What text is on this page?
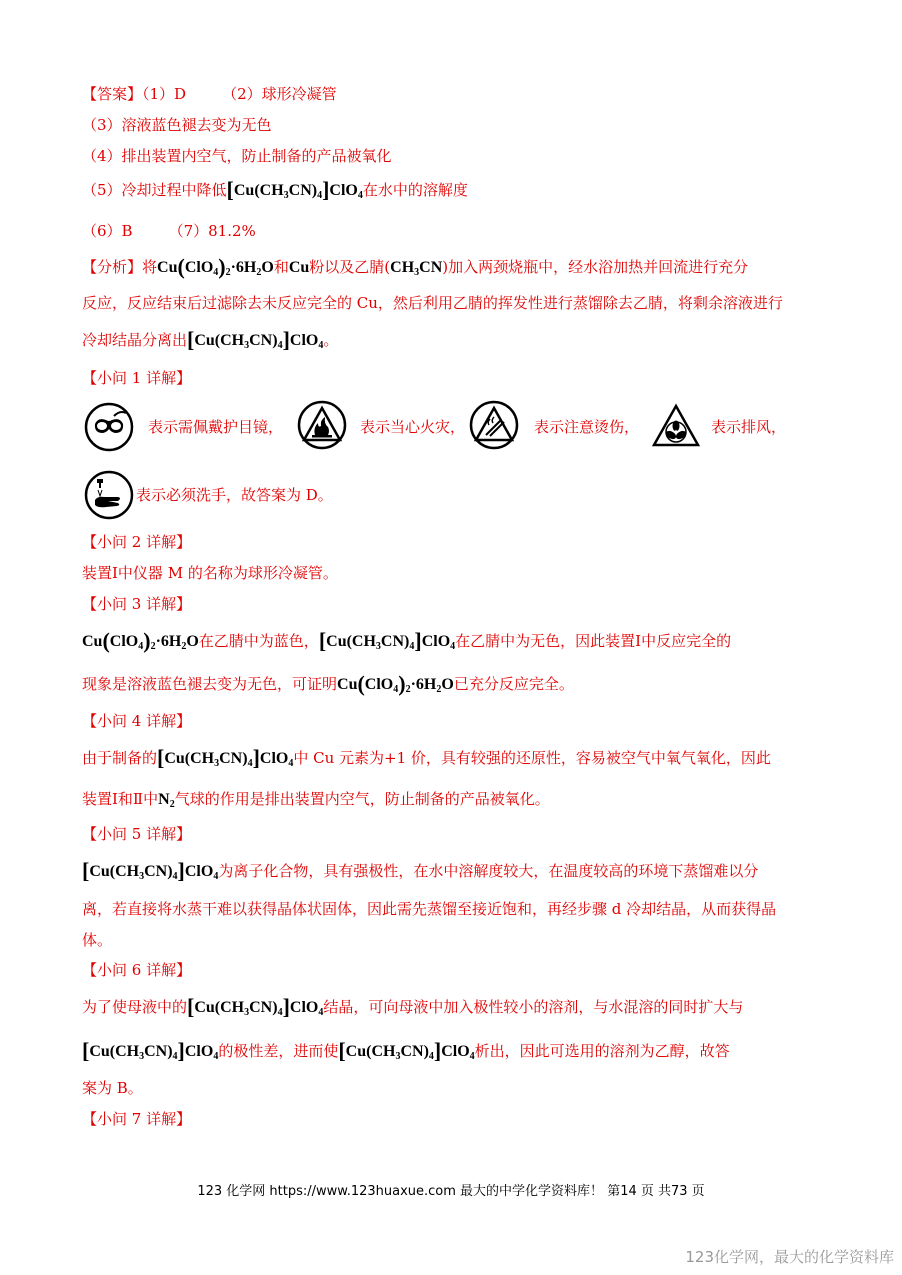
【答案】（1）D （2）球形冷凝管
（3）溶液蓝色褪去变为无色
（4）排出装置内空气，防止制备的产品被氧化
（5）冷却过程中降低$[Cu(CH_3CN)_4]ClO_4$在水中的溶解度
（6）B （7）81.2%
【分析】将$Cu(ClO_4)_2\cdot 6H_2O$和Cu粉以及乙腈$(CH_3CN)$加入两颈烧瓶中，经水浴加热并回流进行充分
反应，反应结束后过滤除去未反应完全的 Cu，然后利用乙腈的挥发性进行蒸馏除去乙腈，将剩余溶液进行
冷却结晶分离出$[Cu(CH_3CN)_4]ClO_4$。
【小问 1 详解】
表示需佩戴护目镜，	表示当心火灾，	表示注意烫伤，	表示排风，
表示必须洗手，故答案为 D。
【小问 2 详解】
装置Ⅰ中仪器 M 的名称为球形冷凝管。
【小问 3 详解】
$Cu(ClO_4)_2\cdot 6H_2O$在乙腈中为蓝色，$[Cu(CH_3CN)_4]ClO_4$在乙腈中为无色，因此装置Ⅰ中反应完全的
现象是溶液蓝色褪去变为无色，可证明$Cu(ClO_4)_2\cdot 6H_2O$已充分反应完全。
【小问 4 详解】
由于制备的$[Cu(CH_3CN)_4]ClO_4$中 Cu 元素为+1 价，具有较强的还原性，容易被空气中氧气氧化，因此
装置Ⅰ和Ⅱ中$N_2$气球的作用是排出装置内空气，防止制备的产品被氧化。
【小问 5 详解】
$[Cu(CH_3CN)_4]ClO_4$为离子化合物，具有强极性，在水中溶解度较大，在温度较高的环境下蒸馏难以分
离，若直接将水蒸干难以获得晶体状固体，因此需先蒸馏至接近饱和，再经步骤 d 冷却结晶，从而获得晶
体。
【小问 6 详解】
为了使母液中的$[Cu(CH_3CN)_4]ClO_4$结晶，可向母液中加入极性较小的溶剂，与水混溶的同时扩大与
$[Cu(CH_3CN)_4]ClO_4$的极性差，进而使$[Cu(CH_3CN)_4]ClO_4$析出，因此可选用的溶剂为乙醇，故答
案为 B。
【小问 7 详解】
123 化学网 https://www.123huaxue.com 最大的中学化学资料库！ 第14 页 共73 页
123化学网，最大的化学资料库
